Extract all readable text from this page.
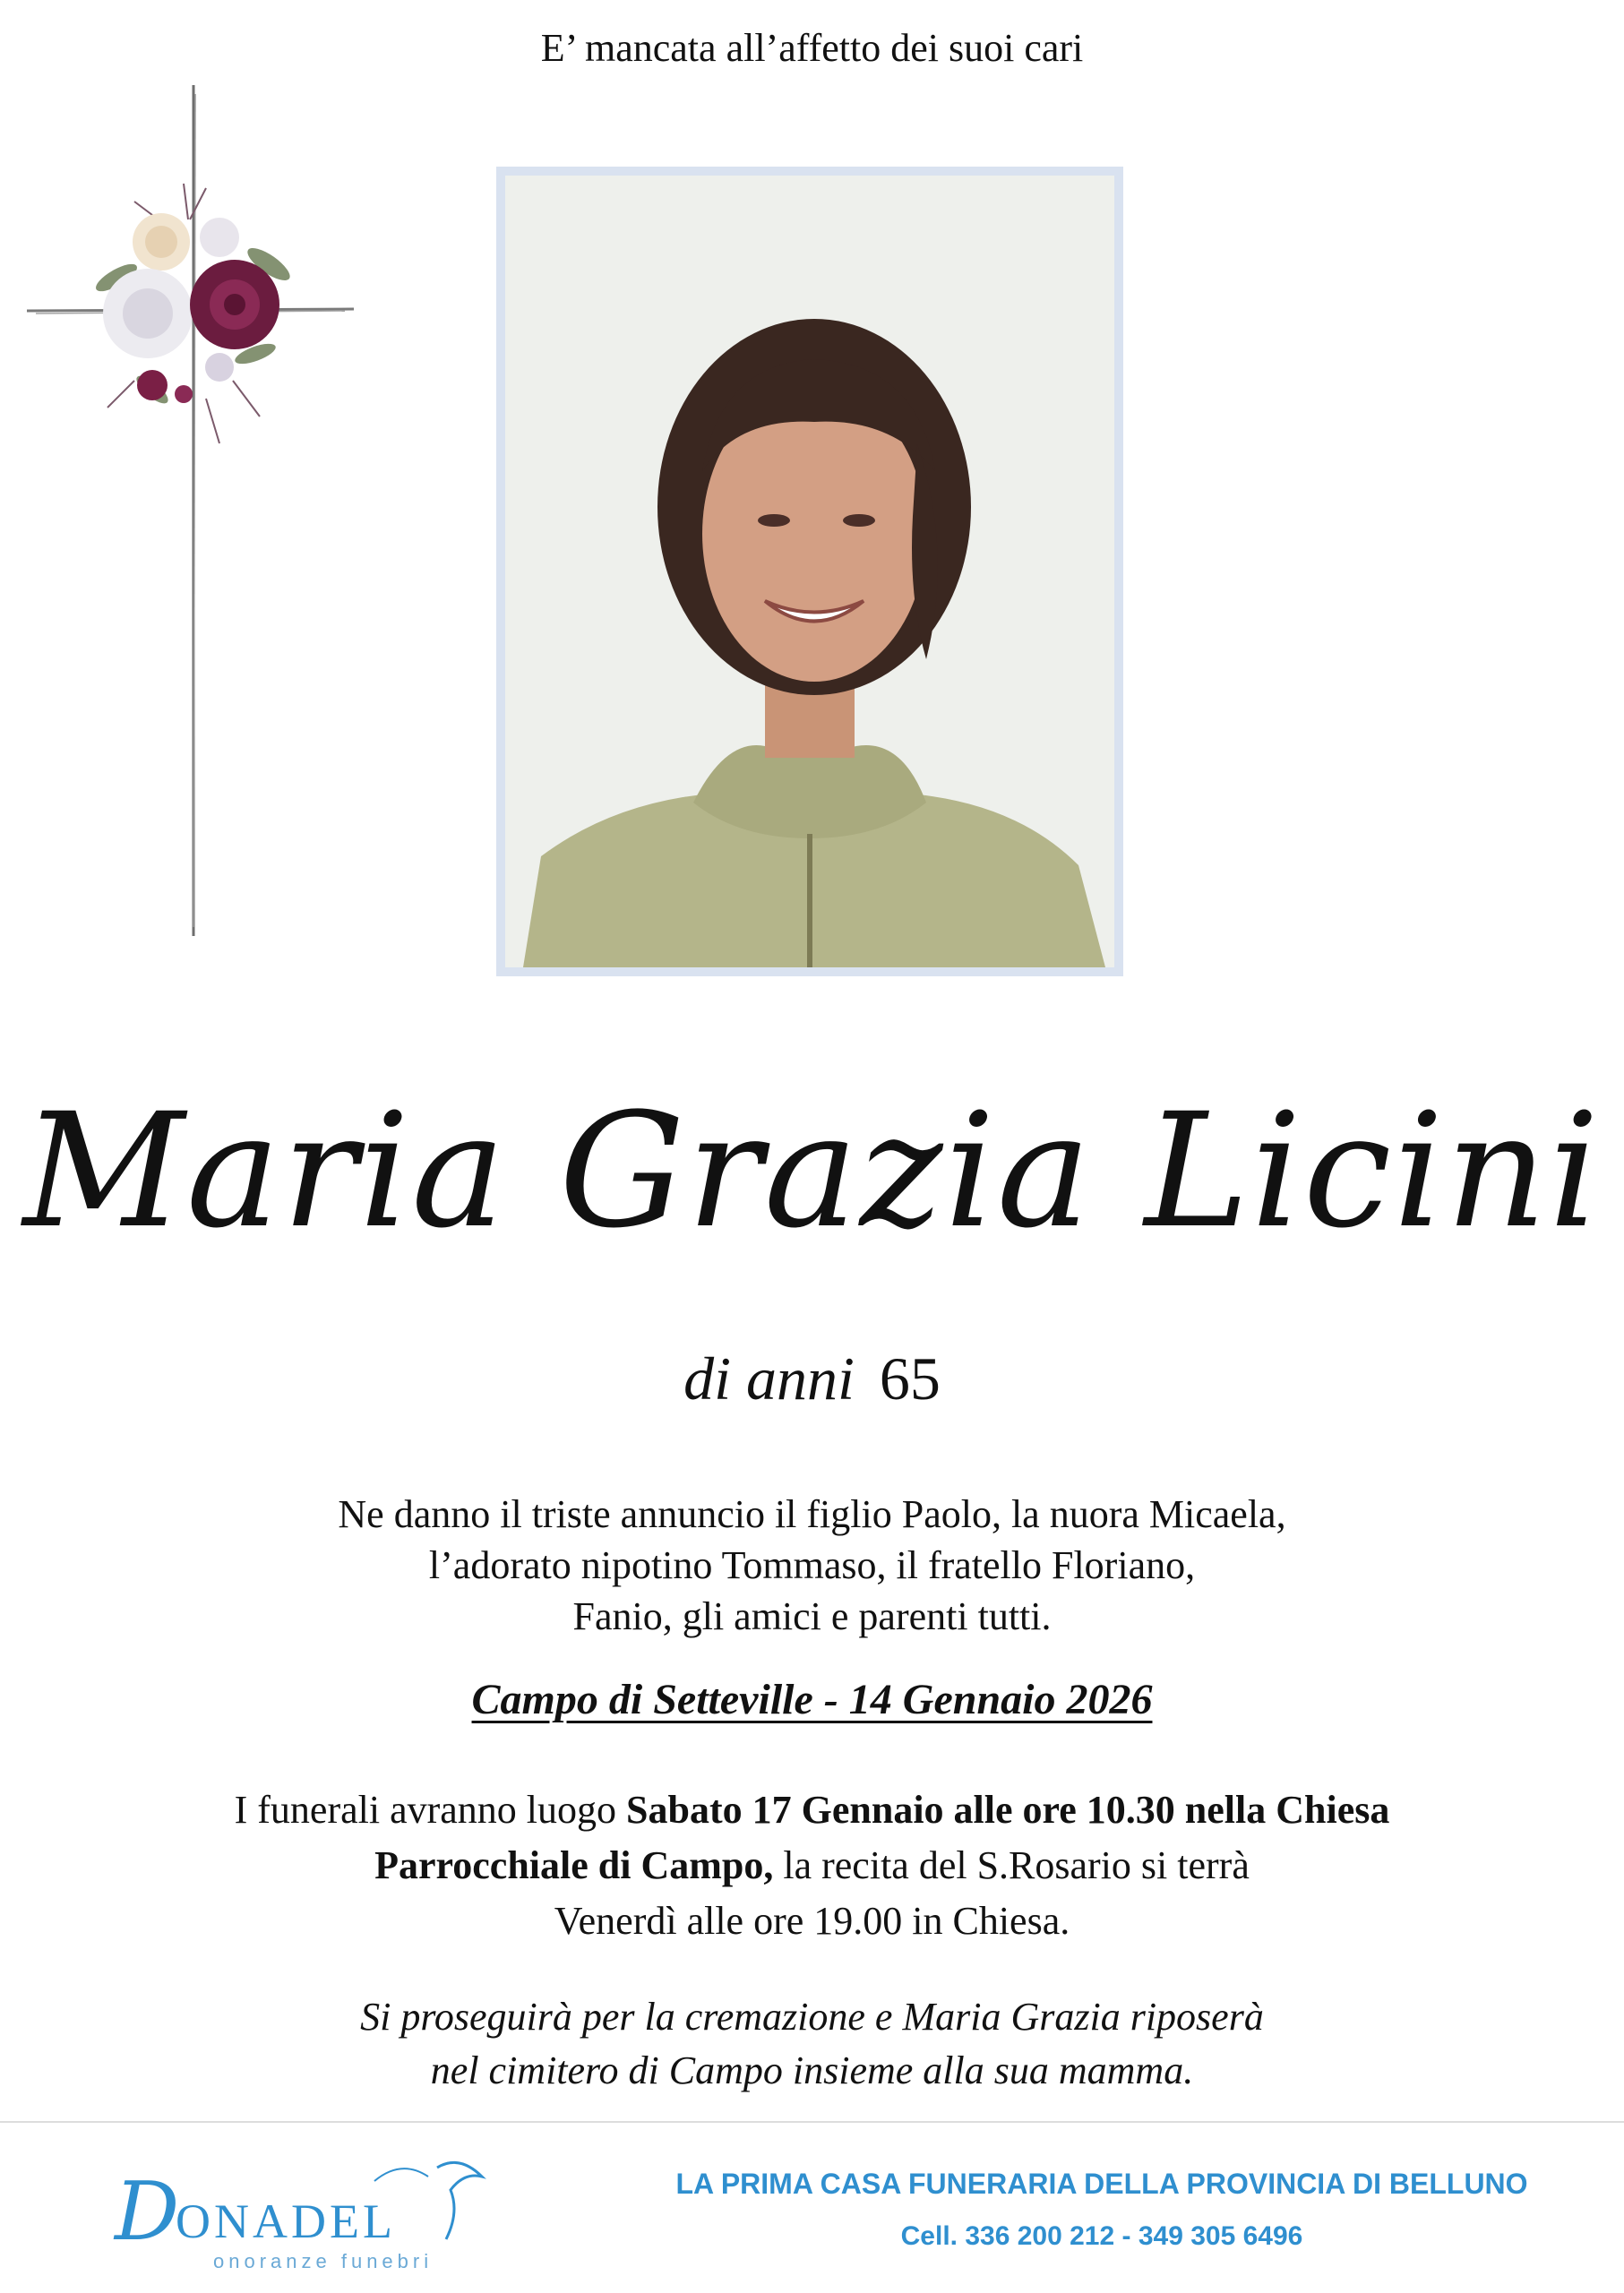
E’ mancata all’affetto dei suoi cari
Maria Grazia Licini
di anni 65
Ne danno il triste annuncio il figlio Paolo, la nuora Micaela,
l’adorato nipotino Tommaso, il fratello Floriano,
Fanio, gli amici e parenti tutti.
Campo di Setteville - 14 Gennaio 2026
I funerali avranno luogo Sabato 17 Gennaio alle ore 10.30 nella Chiesa
Parrocchiale di Campo, la recita del S.Rosario si terrà
Venerdì alle ore 19.00 in Chiesa.
Si proseguirà per la cremazione e Maria Grazia riposerà
nel cimitero di Campo insieme alla sua mamma.
D
ONADEL
onoranze funebri
LA PRIMA CASA FUNERARIA DELLA PROVINCIA DI BELLUNO
Cell. 336 200 212 - 349 305 6496
